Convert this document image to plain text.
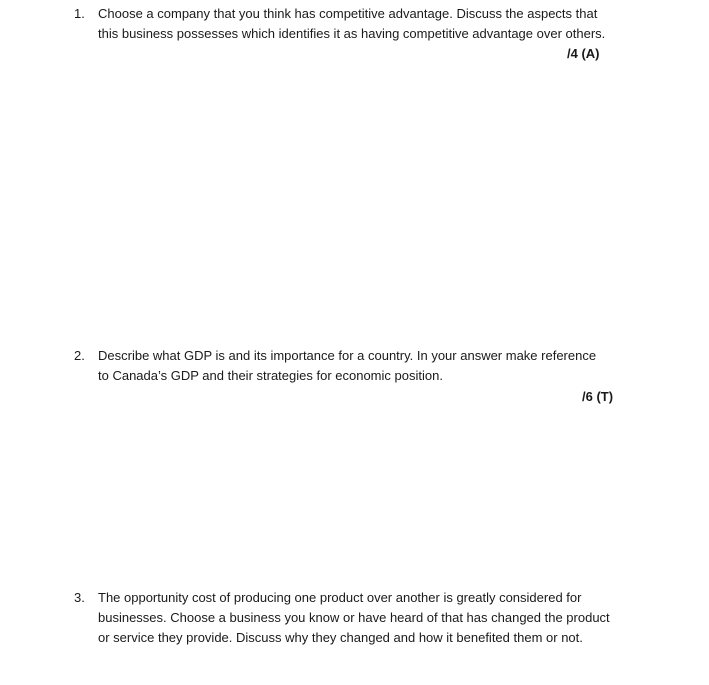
1. Choose a company that you think has competitive advantage. Discuss the aspects that
this business possesses which identifies it as having competitive advantage over others.
/4 (A)
2. Describe what GDP is and its importance for a country. In your answer make reference
to Canada’s GDP and their strategies for economic position.
/6 (T)
3. The opportunity cost of producing one product over another is greatly considered for
businesses. Choose a business you know or have heard of that has changed the product
or service they provide. Discuss why they changed and how it benefited them or not.
